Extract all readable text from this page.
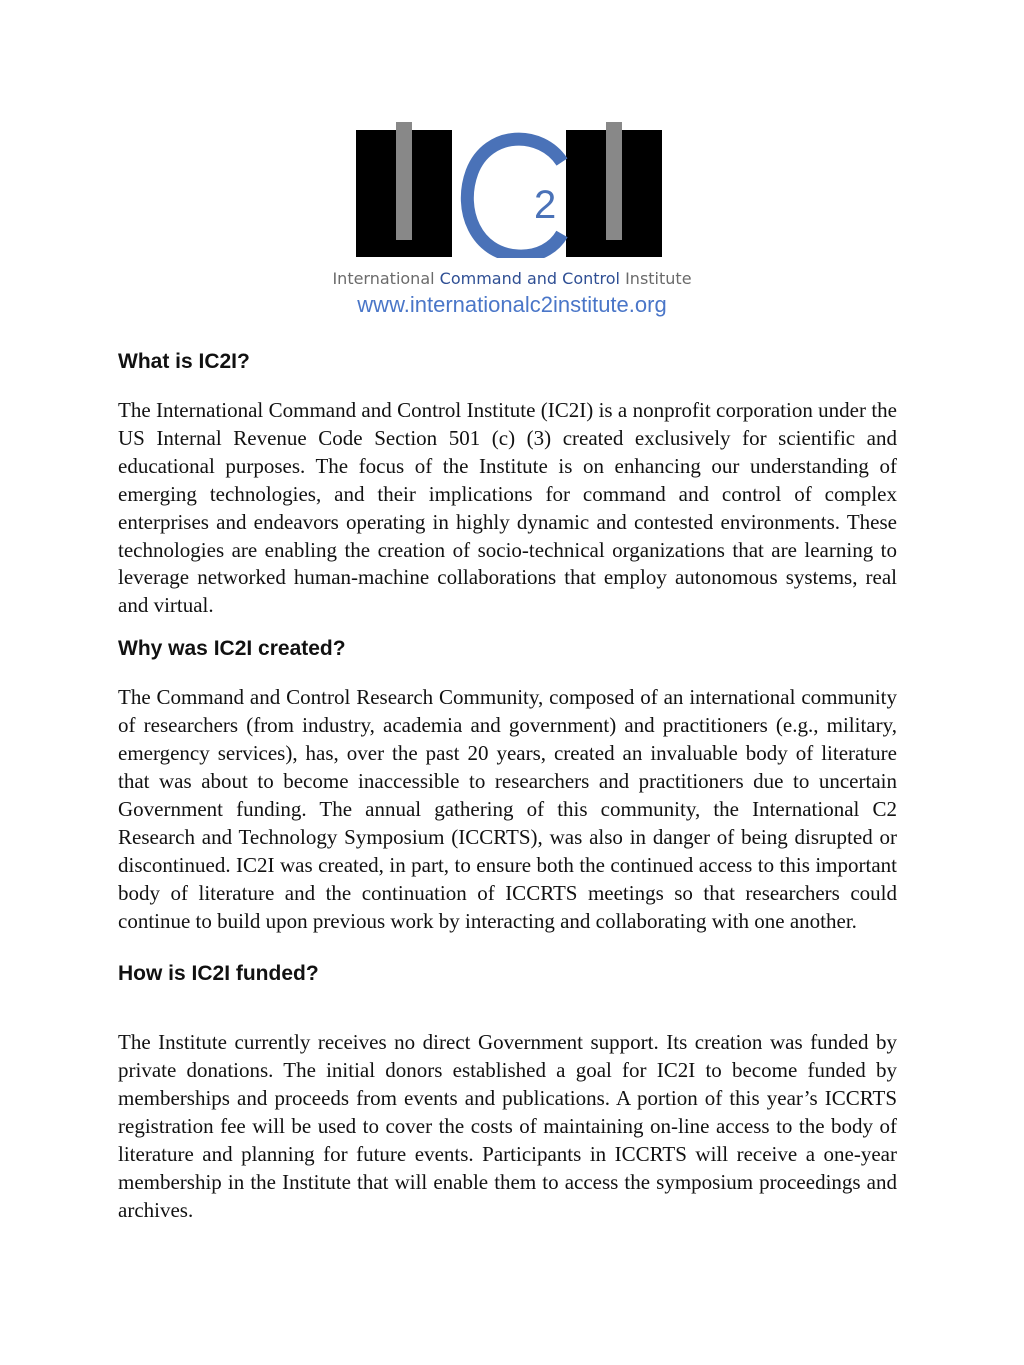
2
International Command and Control Institute
www.internationalc2institute.org
What is IC2I?

The International Command and Control Institute (IC2I) is a nonprofit corporation under the US Internal Revenue Code Section 501 (c) (3) created exclusively for scientific and educational purposes. The focus of the Institute is on enhancing our understanding of emerging technologies, and their implications for command and control of complex enterprises and endeavors operating in highly dynamic and contested environments. These technologies are enabling the creation of socio-technical organizations that are learning to leverage networked human-machine collaborations that employ autonomous systems, real and virtual.

Why was IC2I created?

The Command and Control Research Community, composed of an international community of researchers (from industry, academia and government) and practitioners (e.g., military, emergency services), has, over the past 20 years, created an invaluable body of literature that was about to become inaccessible to researchers and practitioners due to uncertain Government funding. The annual gathering of this community, the International C2 Research and Technology Symposium (ICCRTS), was also in danger of being disrupted or discontinued. IC2I was created, in part, to ensure both the continued access to this important body of literature and the continuation of ICCRTS meetings so that researchers could continue to build upon previous work by interacting and collaborating with one another.

How is IC2I funded?

The Institute currently receives no direct Government support. Its creation was funded by private donations. The initial donors established a goal for IC2I to become funded by memberships and proceeds from events and publications. A portion of this year’s ICCRTS registration fee will be used to cover the costs of maintaining on-line access to the body of literature and planning for future events. Participants in ICCRTS will receive a one-year membership in the Institute that will enable them to access the symposium proceedings and archives.
